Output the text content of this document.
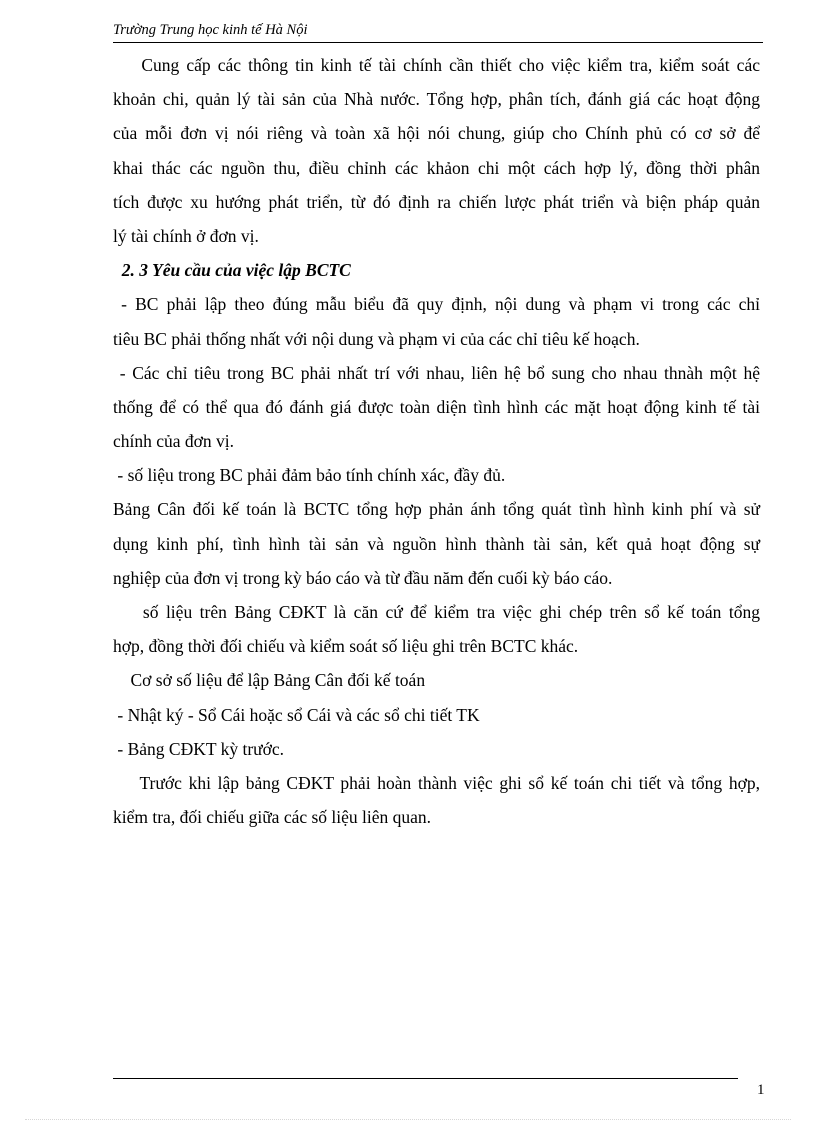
Trường Trung học kinh tế Hà Nội
Cung cấp các thông tin kinh tế tài chính cần thiết cho việc kiểm tra, kiểm soát các
khoản chi, quản lý tài sản của Nhà nước. Tổng hợp, phân tích, đánh giá các hoạt động
của mỗi đơn vị nói riêng và toàn xã hội nói chung, giúp cho Chính phủ có cơ sở để
khai thác các nguồn thu, điều chỉnh các khảon chi một cách hợp lý, đồng thời phân
tích được xu hướng phát triển, từ đó định ra chiến lược phát triển và biện pháp quản
lý tài chính ở đơn vị.
2. 3 Yêu cầu của việc lập BCTC
- BC phải lập theo đúng mẫu biểu đã quy định, nội dung và phạm vi trong các chỉ
tiêu BC phải thống nhất với nội dung và phạm vi của các chỉ tiêu kế hoạch.
- Các chỉ tiêu trong BC phải nhất trí với nhau, liên hệ bổ sung cho nhau thnàh một hệ
thống để có thể qua đó đánh giá được toàn diện tình hình các mặt hoạt động kinh tế tài
chính của đơn vị.
- số liệu trong BC phải đảm bảo tính chính xác, đầy đủ.
Bảng Cân đối kế toán là BCTC tổng hợp phản ánh tổng quát tình hình kinh phí và sử
dụng kinh phí, tình hình tài sản và nguồn hình thành tài sản, kết quả hoạt động sự
nghiệp của đơn vị trong kỳ báo cáo và từ đầu năm đến cuối kỳ báo cáo.
số liệu trên Bảng CĐKT là căn cứ để kiểm tra việc ghi chép trên sổ kế toán tổng
hợp, đồng thời đối chiếu và kiểm soát số liệu ghi trên BCTC khác.
Cơ sở số liệu để lập Bảng Cân đối kế toán
- Nhật ký - Sổ Cái hoặc sổ Cái và các sổ chi tiết TK
- Bảng CĐKT kỳ trước.
Trước khi lập bảng CĐKT phải hoàn thành việc ghi sổ kế toán chi tiết và tổng hợp,
kiểm tra, đối chiếu giữa các số liệu liên quan.
1
